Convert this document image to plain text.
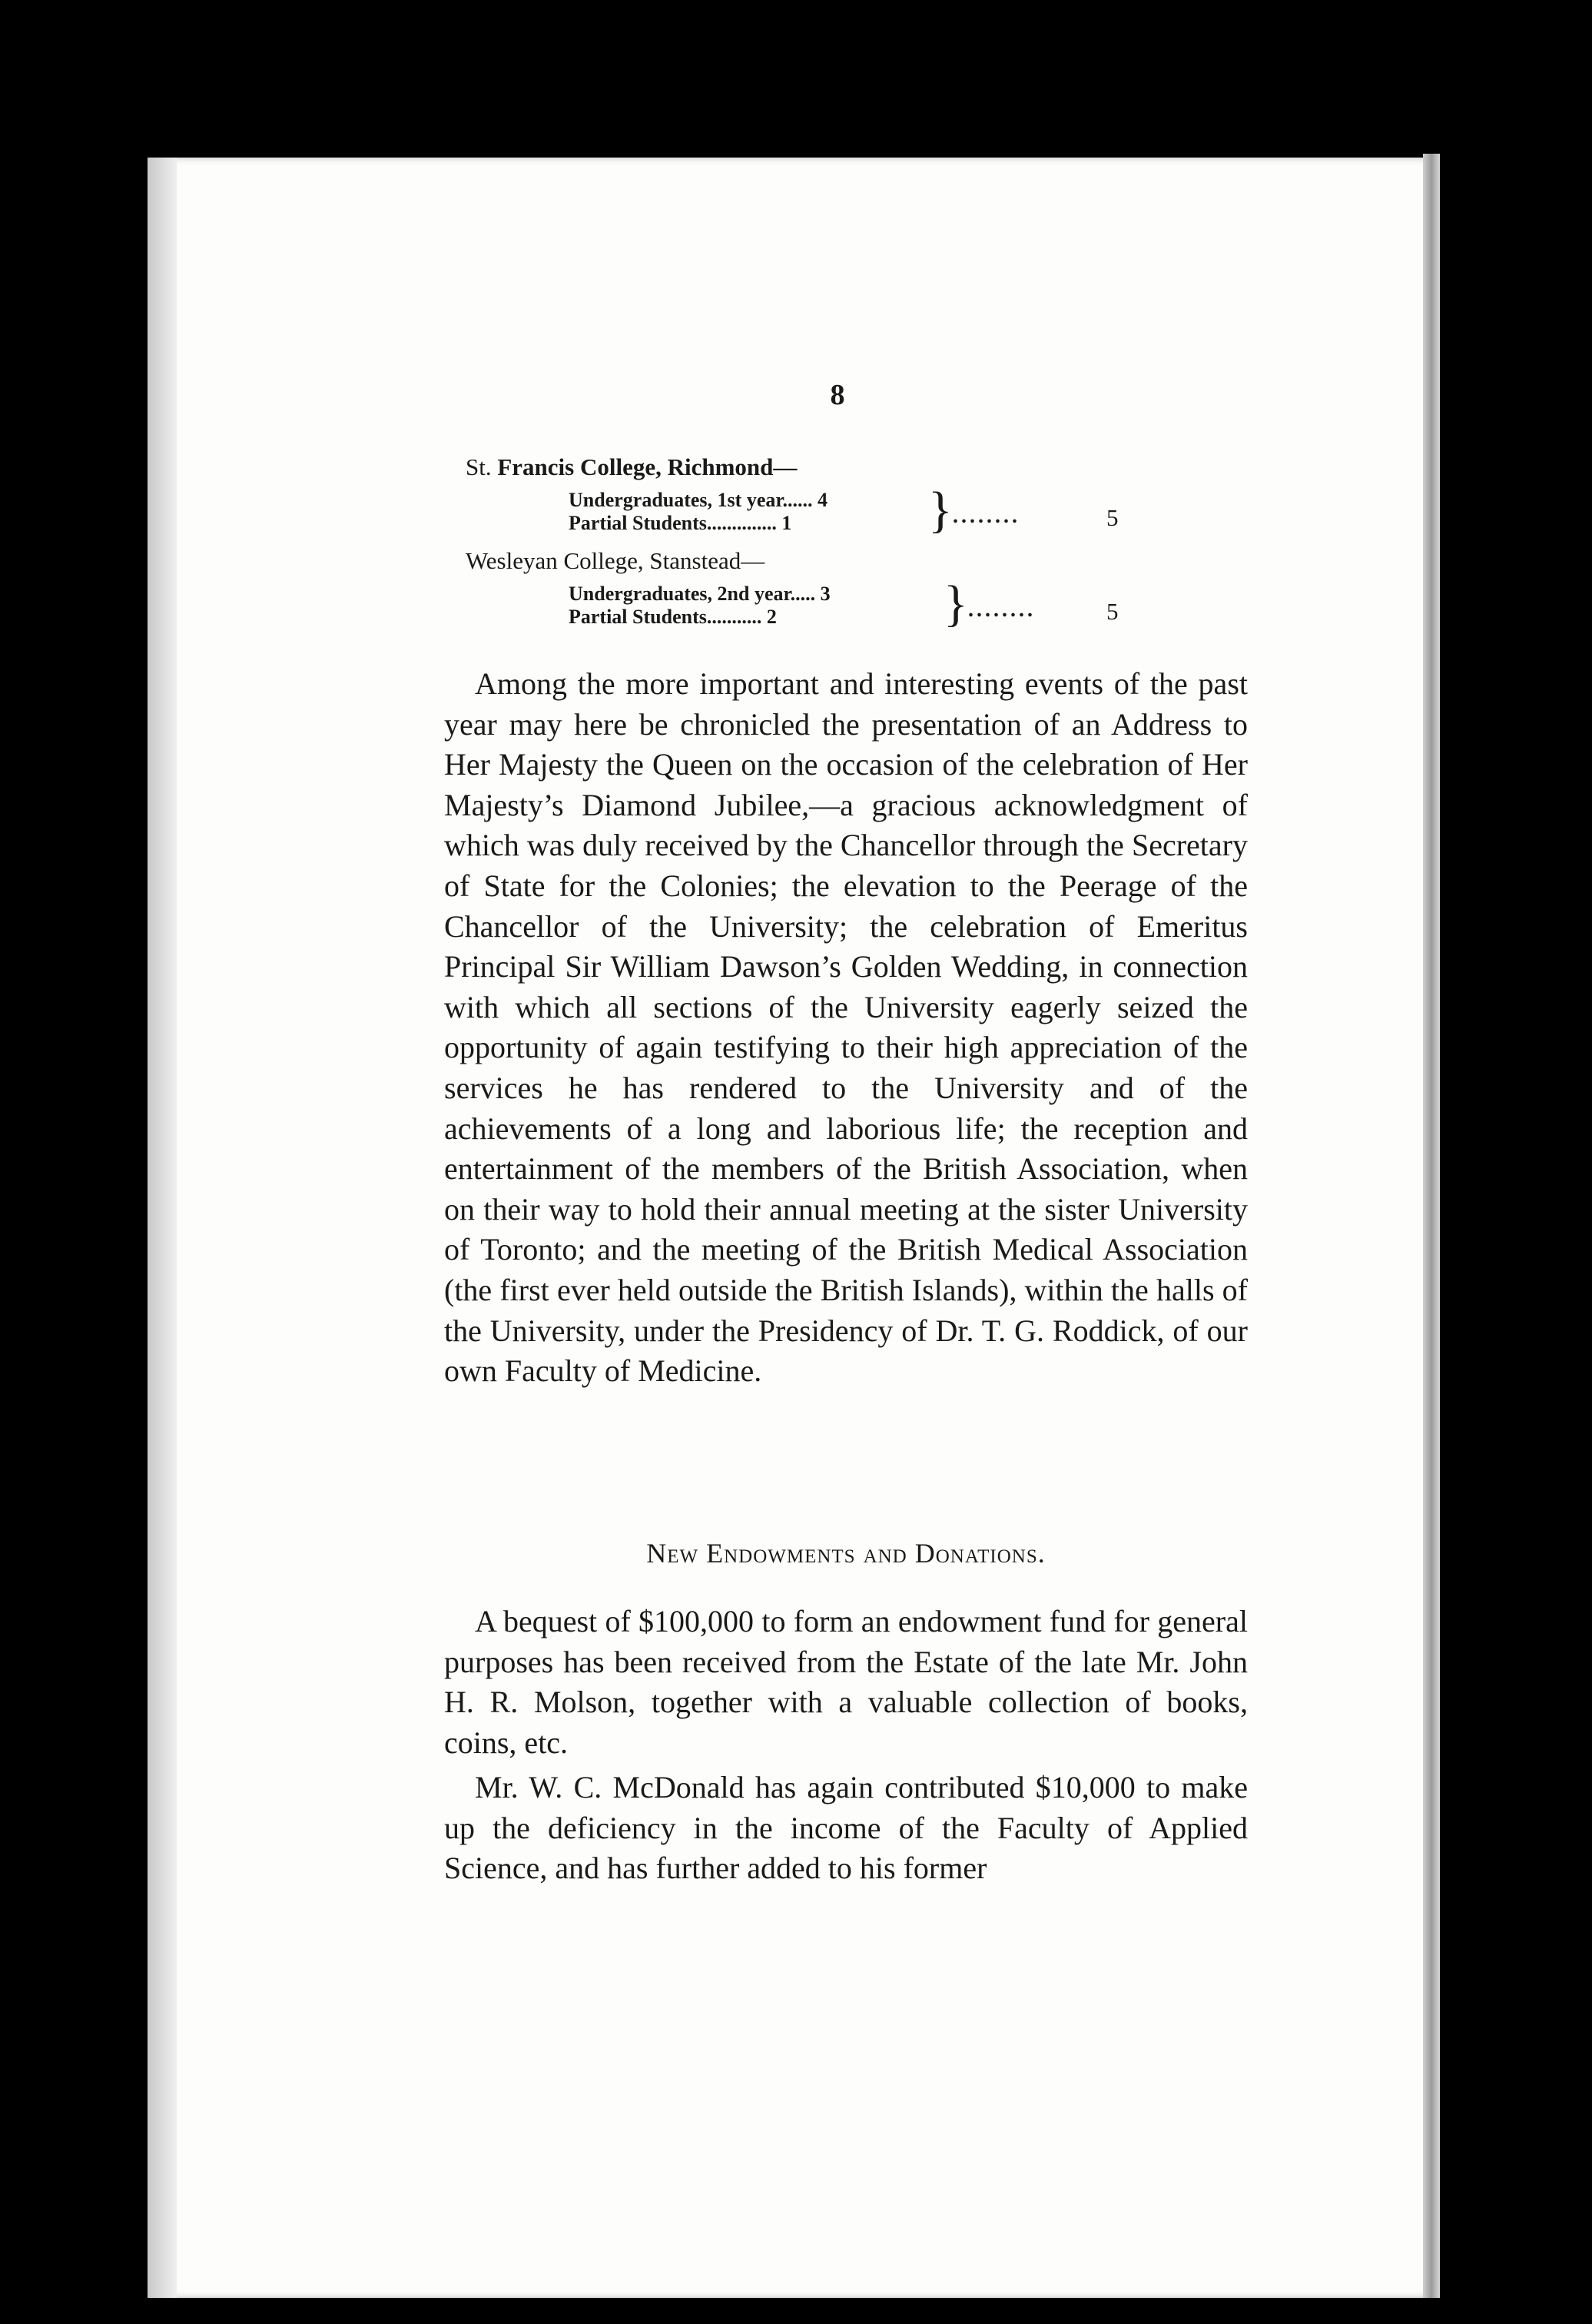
8
St. Francis College, Richmond—
Undergraduates, 1st year...... 4
Partial Students.............. 1	} ........	5
Wesleyan College, Stanstead—
Undergraduates, 2nd year..... 3
Partial Students........... 2	} ........	5

Among the more important and interesting events of the past year may here be chronicled the presentation of an Address to Her Majesty the Queen on the occasion of the celebration of Her Majesty’s Diamond Jubilee,—a gracious acknowledgment of which was duly received by the Chancellor through the Secretary of State for the Colonies; the elevation to the Peerage of the Chancellor of the University; the celebration of Emeritus Principal Sir William Dawson’s Golden Wedding, in connection with which all sections of the University eagerly seized the opportunity of again testifying to their high appreciation of the services he has rendered to the University and of the achievements of a long and laborious life; the reception and entertainment of the members of the British Association, when on their way to hold their annual meeting at the sister University of Toronto; and the meeting of the British Medical Association (the first ever held outside the British Islands), within the halls of the University, under the Presidency of Dr. T. G. Roddick, of our own Faculty of Medicine.

New Endowments and Donations.

A bequest of $100,000 to form an endowment fund for general purposes has been received from the Estate of the late Mr. John H. R. Molson, together with a valuable collection of books, coins, etc.

Mr. W. C. McDonald has again contributed $10,000 to make up the deficiency in the income of the Faculty of Applied Science, and has further added to his former
